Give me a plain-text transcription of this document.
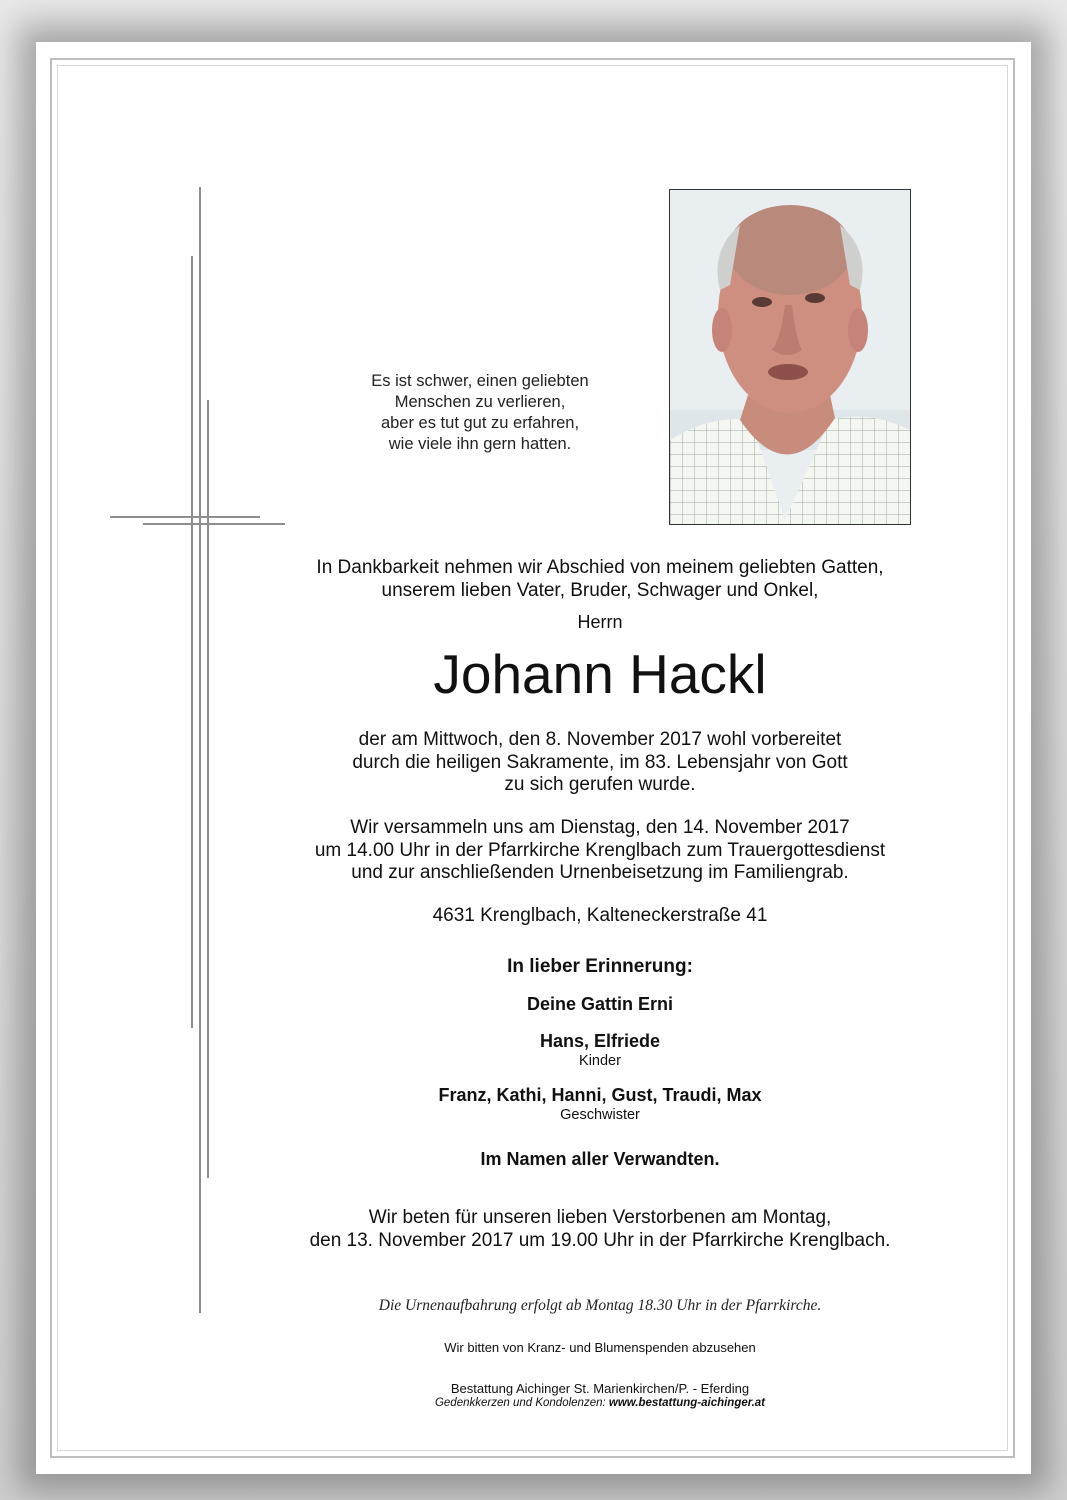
Es ist schwer, einen geliebten
Menschen zu verlieren,
aber es tut gut zu erfahren,
wie viele ihn gern hatten.
In Dankbarkeit nehmen wir Abschied von meinem geliebten Gatten,
unserem lieben Vater, Bruder, Schwager und Onkel,
Herrn
Johann Hackl
der am Mittwoch, den 8. November 2017 wohl vorbereitet
durch die heiligen Sakramente, im 83. Lebensjahr von Gott
zu sich gerufen wurde.
Wir versammeln uns am Dienstag, den 14. November 2017
um 14.00 Uhr in der Pfarrkirche Krenglbach zum Trauergottesdienst
und zur anschließenden Urnenbeisetzung im Familiengrab.
4631 Krenglbach, Kalteneckerstraße 41
In lieber Erinnerung:
Deine Gattin Erni
Hans, Elfriede
Kinder
Franz, Kathi, Hanni, Gust, Traudi, Max
Geschwister
Im Namen aller Verwandten.
Wir beten für unseren lieben Verstorbenen am Montag,
den 13. November 2017 um 19.00 Uhr in der Pfarrkirche Krenglbach.
Die Urnenaufbahrung erfolgt ab Montag 18.30 Uhr in der Pfarrkirche.
Wir bitten von Kranz- und Blumenspenden abzusehen
Bestattung Aichinger St. Marienkirchen/P. - Eferding
Gedenkkerzen und Kondolenzen: www.bestattung-aichinger.at
